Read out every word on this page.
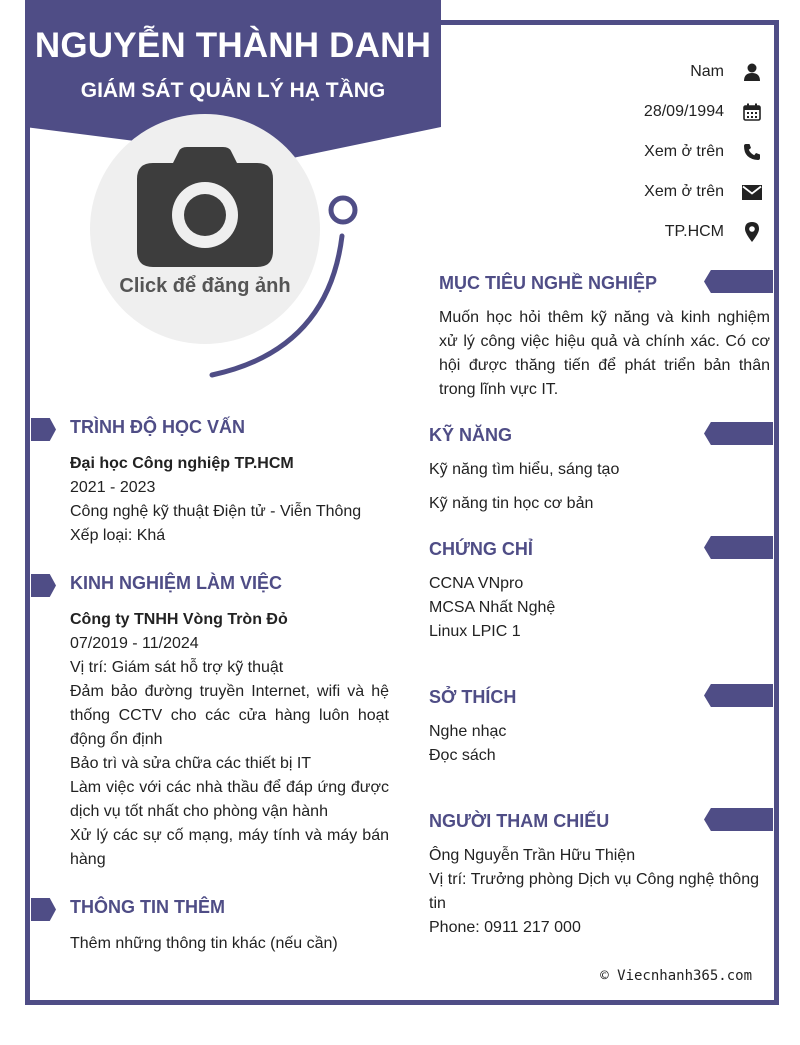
NGUYỄN THÀNH DANH
GIÁM SÁT QUẢN LÝ HẠ TẦNG
Click để đăng ảnh
Nam
28/09/1994
Xem ở trên
Xem ở trên
TP.HCM
MỤC TIÊU NGHỀ NGHIỆP
Muốn học hỏi thêm kỹ năng và kinh nghiệm xử lý công việc hiệu quả và chính xác. Có cơ hội được thăng tiến để phát triển bản thân trong lĩnh vực IT.
TRÌNH ĐỘ HỌC VẤN
Đại học Công nghiệp TP.HCM
2021 - 2023
Công nghệ kỹ thuật Điện tử - Viễn Thông
Xếp loại: Khá
KINH NGHIỆM LÀM VIỆC
Công ty TNHH Vòng Tròn Đỏ
07/2019 - 11/2024
Vị trí: Giám sát hỗ trợ kỹ thuật
Đảm bảo đường truyền Internet, wifi và hệ thống CCTV cho các cửa hàng luôn hoạt động ổn định
Bảo trì và sửa chữa các thiết bị IT
Làm việc với các nhà thầu để đáp ứng được dịch vụ tốt nhất cho phòng vận hành
Xử lý các sự cố mạng, máy tính và máy bán hàng
THÔNG TIN THÊM
Thêm những thông tin khác (nếu cần)
KỸ NĂNG
Kỹ năng tìm hiểu, sáng tạo
Kỹ năng tin học cơ bản
CHỨNG CHỈ
CCNA VNpro
MCSA Nhất Nghệ
Linux LPIC 1
SỞ THÍCH
Nghe nhạc
Đọc sách
NGƯỜI THAM CHIẾU
Ông Nguyễn Trần Hữu Thiện
Vị trí: Trưởng phòng Dịch vụ Công nghệ thông tin
Phone: 0911 217 000
© Viecnhanh365.com
